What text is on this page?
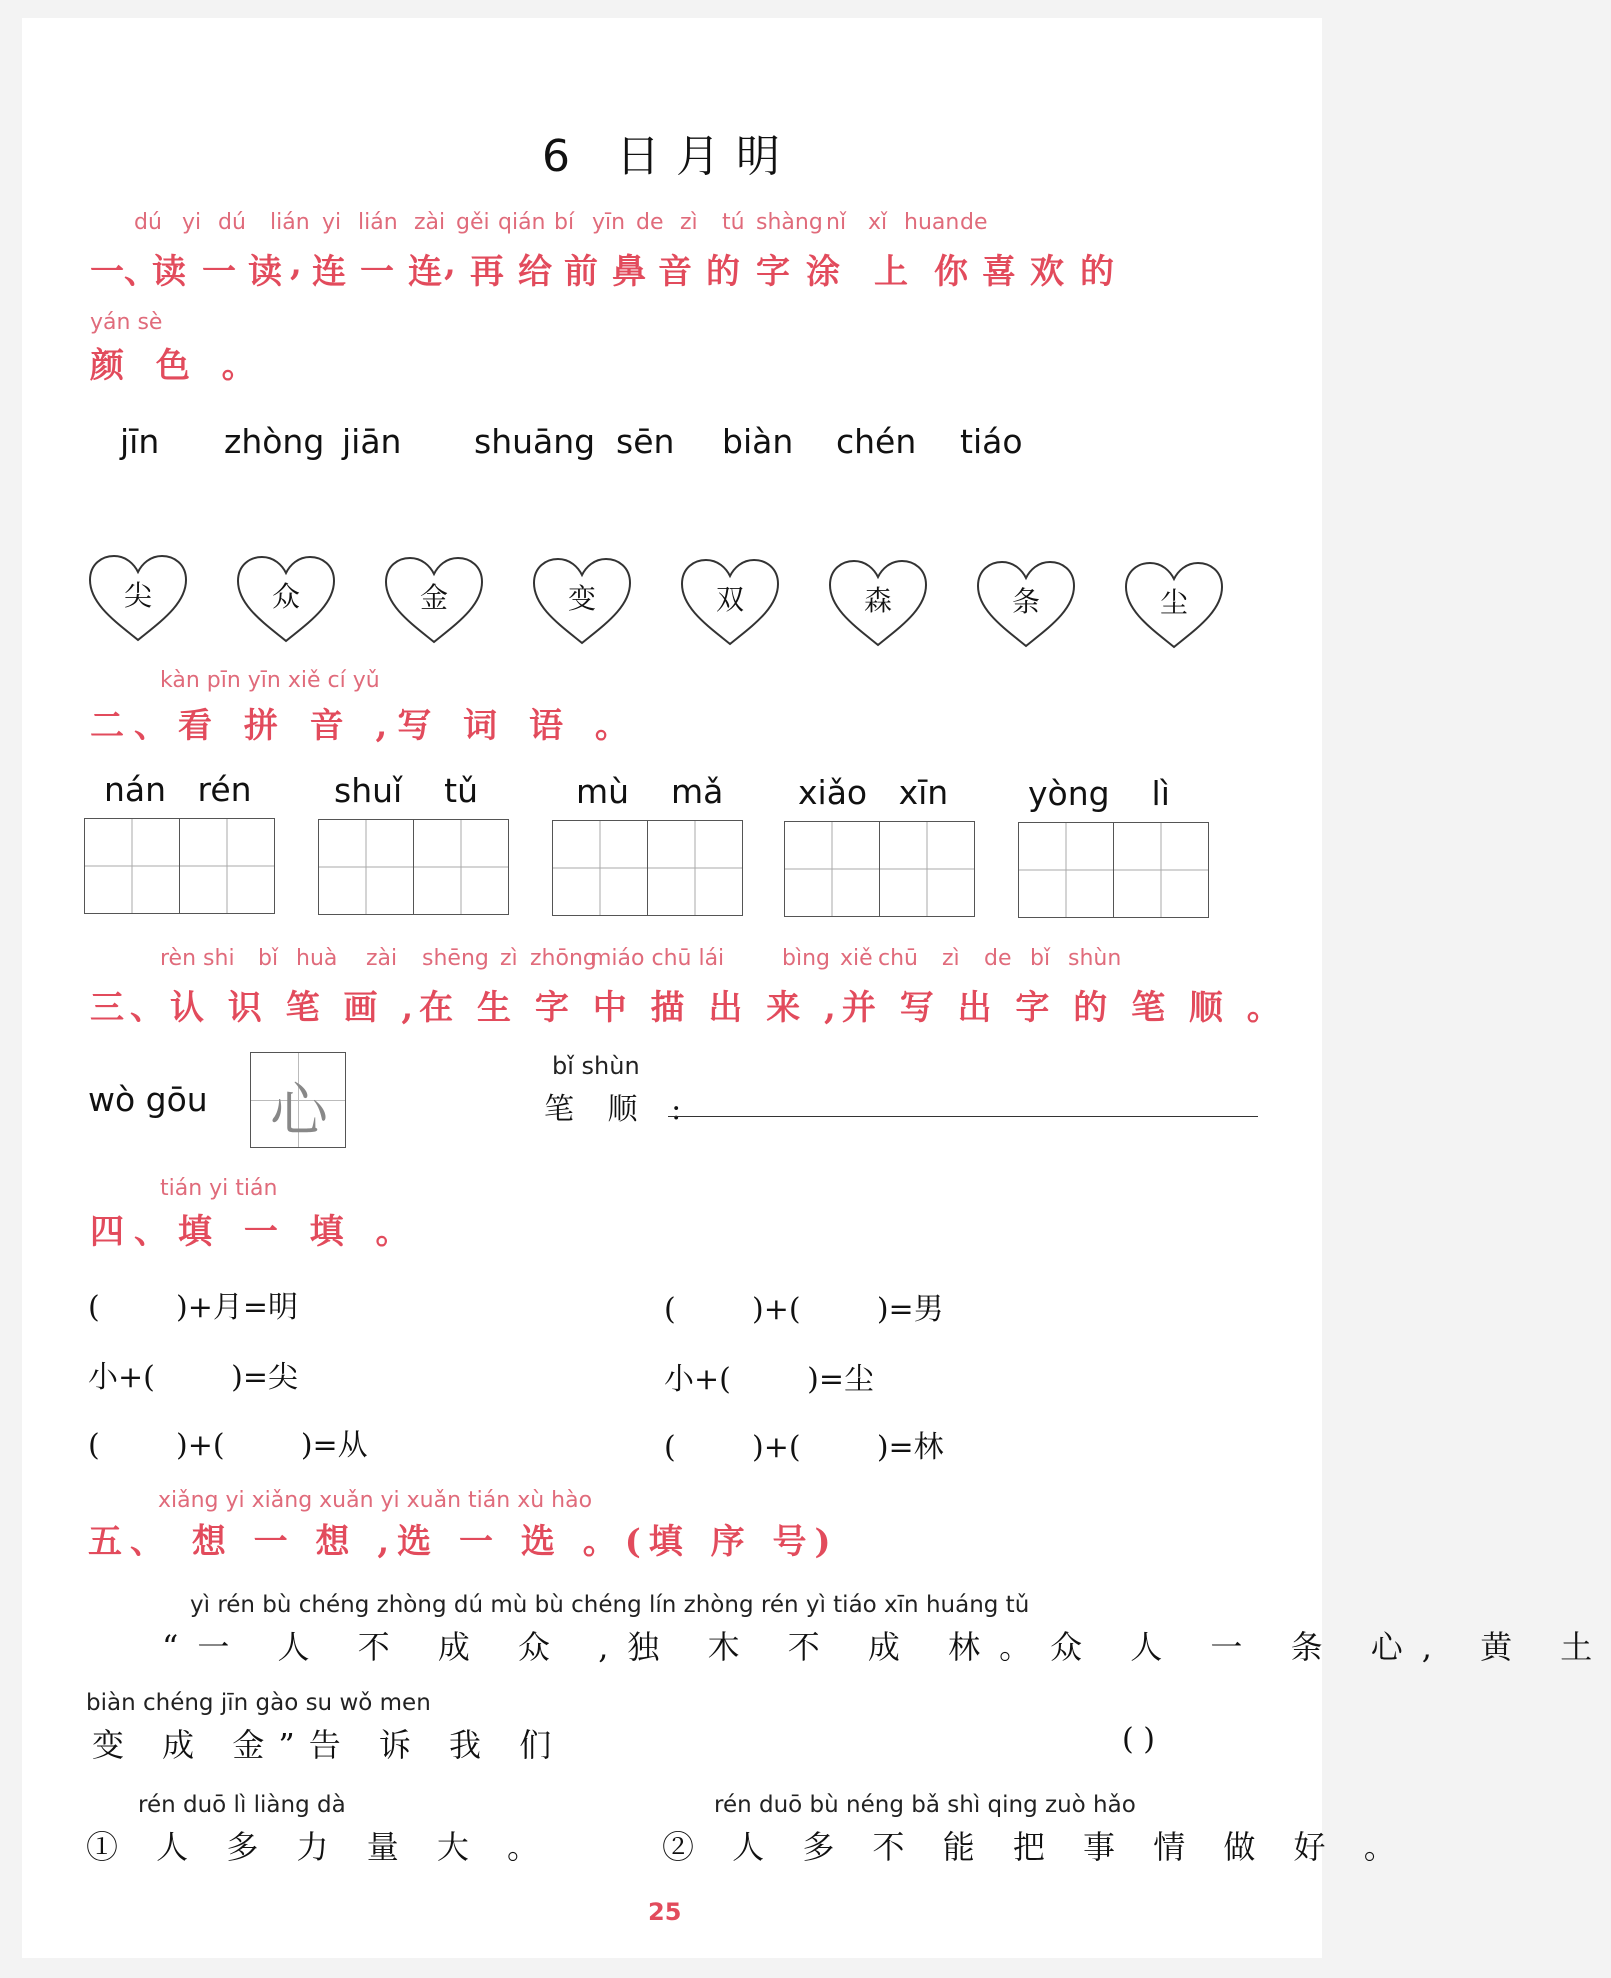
6 日月明
yán sè
颜 色 。
kàn pīn yīn xiě cí yǔ
二、看 拼 音 ,写 词 语 。
三、认 识 笔 画 ,在 生 字 中 描 出 来 ,并 写 出 字 的 笔 顺 。
wò gōu	心
bǐ shùn
笔 顺 :
tián yi tián
四、填 一 填 。
xiǎng yi xiǎng xuǎn yi xuǎn tián xù hào
五、 想 一 想 ,选 一 选 。(填 序 号)
yì rén bù chéng zhòng dú mù bù chéng lín zhòng rén yì tiáo xīn huáng tǔ
“一 人 不 成 众 ,独 木 不 成 林。众 人 一 条 心, 黄 土
biàn chéng jīn gào su wǒ men
变 成 金”告 诉 我 们	( )
rén duō lì liàng dà
① 人 多 力 量 大 。
rén duō bù néng bǎ shì qing zuò hǎo
② 人 多 不 能 把 事 情 做 好 。
25
dú yi dú lián yi lián zài gěi qián bí yīn de zì tú shàng nǐ xǐ huan de
一、
读 一 读 , 连 一 连 , 再 给 前 鼻 音 的 字 涂 上 你 喜 欢 的
jīn zhòng jiān shuāng sēn biàn chén tiáo
尖	众	金	变	双	森	条	尘
nán   rén shuǐ    tǔ	mù    mǎ xiǎo   xīn yòng    lì
rèn shi bǐ huà zài shēng zì zhōng
miáo chū lái	bìng xiě chū zì de bǐ shùn
(        )+月=明
小+(        )=尖
(        )+(        )=从
(        )+(        )=男
小+(        )=尘
(        )+(        )=林
